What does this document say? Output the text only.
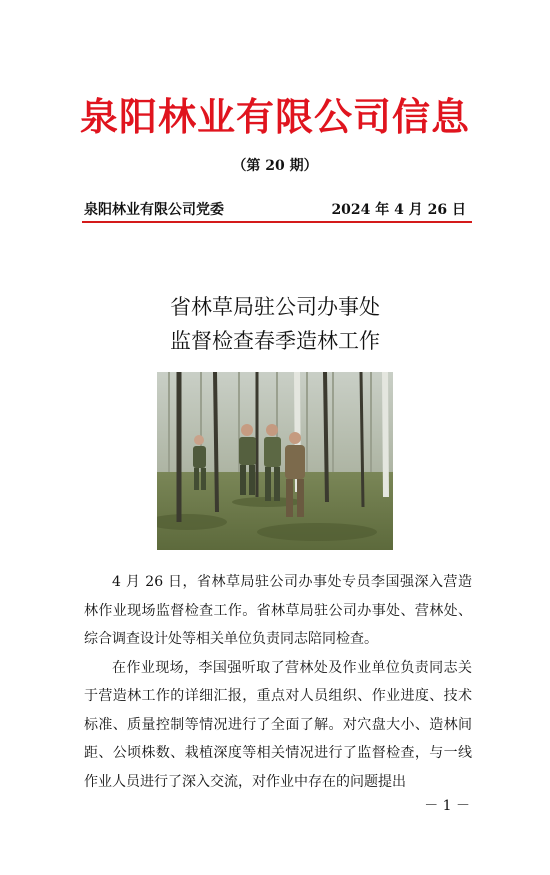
泉阳林业有限公司信息
（第 20 期）
泉阳林业有限公司党委	2024 年 4 月 26 日
省林草局驻公司办事处
监督检查春季造林工作

4 月 26 日，省林草局驻公司办事处专员李国强深入营造林作业现场监督检查工作。省林草局驻公司办事处、营林处、综合调查设计处等相关单位负责同志陪同检查。

在作业现场，李国强听取了营林处及作业单位负责同志关于营造林工作的详细汇报，重点对人员组织、作业进度、技术标准、质量控制等情况进行了全面了解。对穴盘大小、造林间距、公顷株数、栽植深度等相关情况进行了监督检查，与一线作业人员进行了深入交流，对作业中存在的问题提出

－ 1 －
